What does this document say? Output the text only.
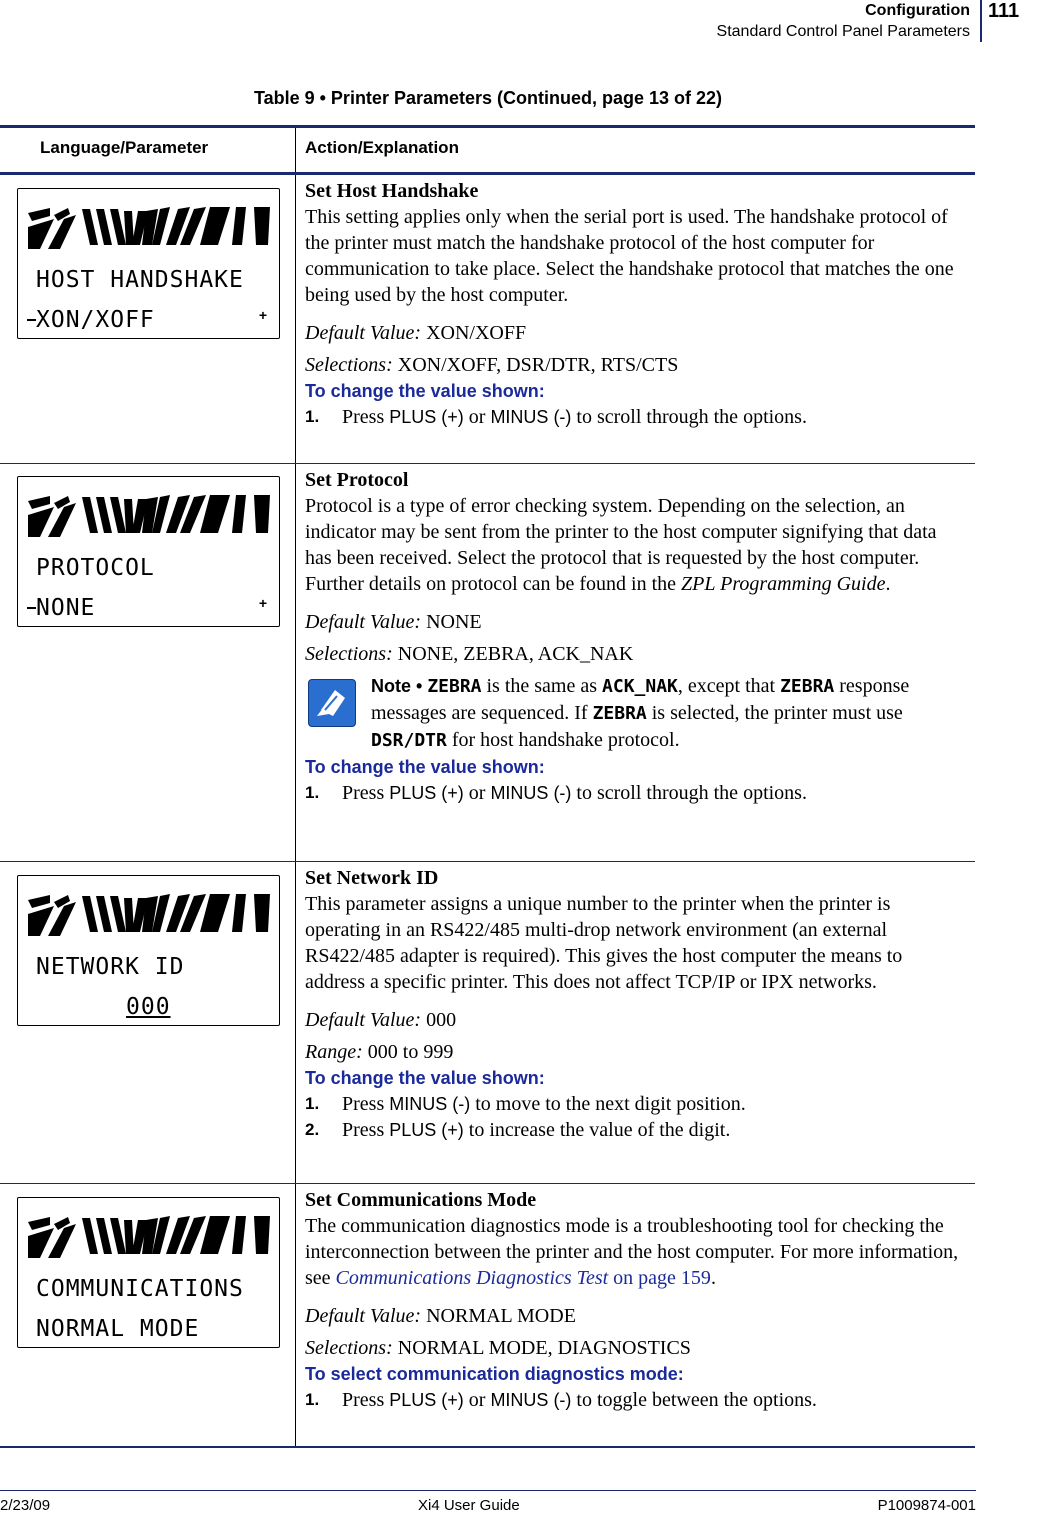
Configuration
Standard Control Panel Parameters
111
Table 9 • Printer Parameters (Continued, page 13 of 22)
Language/Parameter	Action/Explanation
HOST HANDSHAKE
XON/XOFF	+

Set Host Handshake

This setting applies only when the serial port is used. The handshake protocol of the printer must match the handshake protocol of the host computer for communication to take place. Select the handshake protocol that matches the one being used by the host computer.

Default Value: XON/XOFF

Selections: XON/XOFF, DSR/DTR, RTS/CTS

To change the value shown:

1. Press PLUS (+) or MINUS (-) to scroll through the options.

PROTOCOL
NONE	+

Set Protocol

Protocol is a type of error checking system. Depending on the selection, an indicator may be sent from the printer to the host computer signifying that data has been received. Select the protocol that is requested by the host computer. Further details on protocol can be found in the ZPL Programming Guide.

Default Value: NONE

Selections: NONE, ZEBRA, ACK_NAK

Note • ZEBRA is the same as ACK_NAK, except that ZEBRA response messages are sequenced. If ZEBRA is selected, the printer must use DSR/DTR for host handshake protocol.

To change the value shown:

1. Press PLUS (+) or MINUS (-) to scroll through the options.

NETWORK ID
000

Set Network ID

This parameter assigns a unique number to the printer when the printer is operating in an RS422/485 multi-drop network environment (an external RS422/485 adapter is required). This gives the host computer the means to address a specific printer. This does not affect TCP/IP or IPX networks.

Default Value: 000

Range: 000 to 999

To change the value shown:

1. Press MINUS (-) to move to the next digit position.

2. Press PLUS (+) to increase the value of the digit.

COMMUNICATIONS
NORMAL MODE

Set Communications Mode

The communication diagnostics mode is a troubleshooting tool for checking the interconnection between the printer and the host computer. For more information, see Communications Diagnostics Test on page 159.

Default Value: NORMAL MODE

Selections: NORMAL MODE, DIAGNOSTICS

To select communication diagnostics mode:

1. Press PLUS (+) or MINUS (-) to toggle between the options.

2/23/09	Xi4 User Guide	P1009874-001
